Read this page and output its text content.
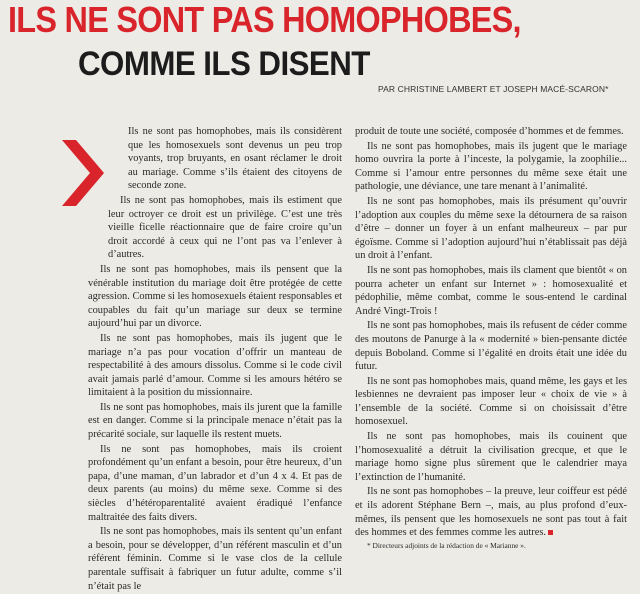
ILS NE SONT PAS HOMOPHOBES,
COMME ILS DISENT
PAR CHRISTINE LAMBERT ET JOSEPH MACÉ-SCARON*

Ils ne sont pas homophobes, mais ils considèrent que les homosexuels sont devenus un peu trop voyants, trop bruyants, en osant réclamer le droit au mariage. Comme s’ils étaient des citoyens de seconde zone.

Ils ne sont pas homophobes, mais ils estiment que leur octroyer ce droit est un privilège. C’est une très vieille ficelle réactionnaire que de faire croire qu’un droit accordé à ceux qui ne l’ont pas va l’enlever à d’autres.

Ils ne sont pas homophobes, mais ils pensent que la vénérable institution du mariage doit être protégée de cette agression. Comme si les homosexuels étaient responsables et coupables du fait qu’un mariage sur deux se termine aujourd’hui par un divorce.

Ils ne sont pas homophobes, mais ils jugent que le mariage n’a pas pour vocation d’offrir un manteau de respectabilité à des amours dissolus. Comme si le code civil avait jamais parlé d’amour. Comme si les amours hétéro se limitaient à la position du missionnaire.

Ils ne sont pas homophobes, mais ils jurent que la famille est en danger. Comme si la principale menace n’était pas la précarité sociale, sur laquelle ils restent muets.

Ils ne sont pas homophobes, mais ils croient profondément qu’un enfant a besoin, pour être heureux, d’un papa, d’une maman, d’un labrador et d’un 4 x 4. Et pas de deux parents (au moins) du même sexe. Comme si des siècles d’hétéroparentalité avaient éradiqué l’enfance maltraitée des faits divers.

Ils ne sont pas homophobes, mais ils sentent qu’un enfant a besoin, pour se développer, d’un référent masculin et d’un référent féminin. Comme si le vase clos de la cellule parentale suffisait à fabriquer un futur adulte, comme s’il n’était pas le

produit de toute une société, composée d’hommes et de femmes.

Ils ne sont pas homophobes, mais ils jugent que le mariage homo ouvrira la porte à l’inceste, la polygamie, la zoophilie... Comme si l’amour entre personnes du même sexe était une pathologie, une déviance, une tare menant à l’animalité.

Ils ne sont pas homophobes, mais ils présument qu’ouvrir l’adoption aux couples du même sexe la détournera de sa raison d’être – donner un foyer à un enfant malheureux – par pur égoïsme. Comme si l’adoption aujourd’hui n’établissait pas déjà un droit à l’enfant.

Ils ne sont pas homophobes, mais ils clament que bientôt « on pourra acheter un enfant sur Internet » : homosexualité et pédophilie, même combat, comme le sous-entend le cardinal André Vingt-Trois !

Ils ne sont pas homophobes, mais ils refusent de céder comme des moutons de Panurge à la « modernité » bien-pensante dictée depuis Boboland. Comme si l’égalité en droits était une idée du futur.

Ils ne sont pas homophobes mais, quand même, les gays et les lesbiennes ne devraient pas imposer leur « choix de vie » à l’ensemble de la société. Comme si on choisissait d’être homosexuel.

Ils ne sont pas homophobes, mais ils couinent que l’homosexualité a détruit la civilisation grecque, et que le mariage homo signe plus sûrement que le calendrier maya l’extinction de l’humanité.

Ils ne sont pas homophobes – la preuve, leur coiffeur est pédé et ils adorent Stéphane Bern –, mais, au plus profond d’eux-mêmes, ils pensent que les homosexuels ne sont pas tout à fait des hommes et des femmes comme les autres.

* Directeurs adjoints de la rédaction de « Marianne ».
